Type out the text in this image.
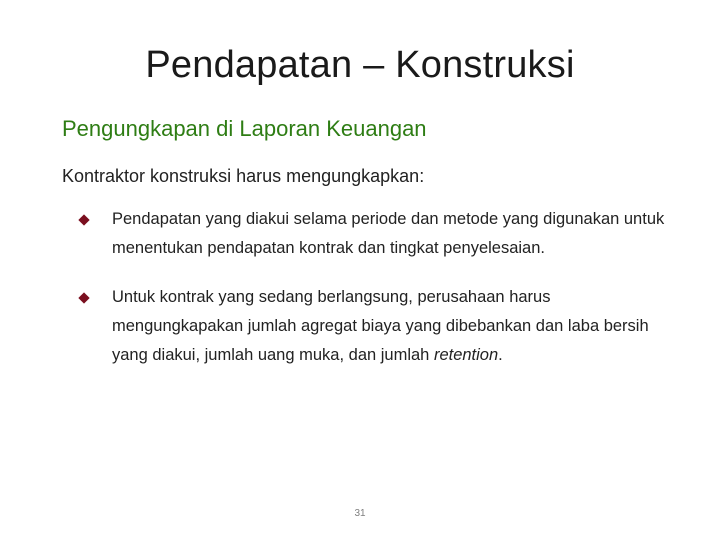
Pendapatan – Konstruksi
Pengungkapan di Laporan Keuangan
Kontraktor konstruksi harus mengungkapkan:
Pendapatan yang diakui selama periode dan metode yang digunakan untuk menentukan pendapatan kontrak dan tingkat penyelesaian.
Untuk kontrak yang sedang berlangsung, perusahaan harus mengungkapakan jumlah agregat biaya yang dibebankan dan laba bersih yang diakui, jumlah uang muka, dan jumlah retention.
31
